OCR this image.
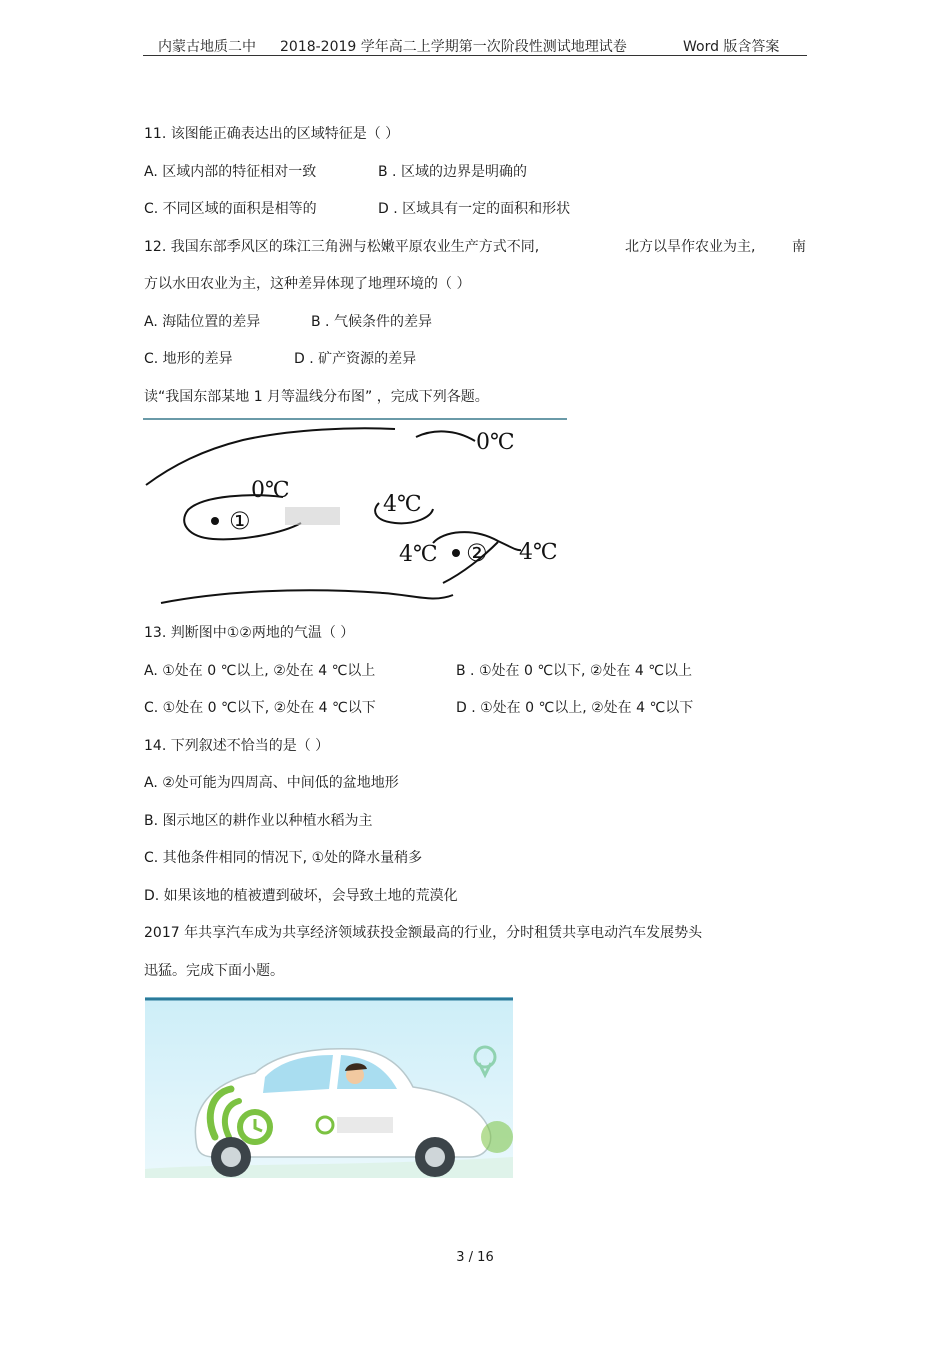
内蒙古地质二中 2018-2019 学年高二上学期第一次阶段性测试地理试卷	Word 版含答案
11. 该图能正确表达出的区域特征是（ ）
A. 区域内部的特征相对一致	B . 区域的边界是明确的
C. 不同区域的面积是相等的	D . 区域具有一定的面积和形状
12. 我国东部季风区的珠江三角洲与松嫩平原农业生产方式不同,	北方以旱作农业为主,	南
方以水田农业为主，这种差异体现了地理环境的（ ）
A. 海陆位置的差异	B . 气候条件的差异
C. 地形的差异	D . 矿产资源的差异
读“我国东部某地 1 月等温线分布图” ，完成下列各题。
0℃
0℃
4℃
4℃	4℃
①
②
13. 判断图中①②两地的气温（ ）
A. ①处在 0 ℃以上, ②处在 4 ℃以上	B . ①处在 0 ℃以下, ②处在 4 ℃以上
C. ①处在 0 ℃以下, ②处在 4 ℃以下	D . ①处在 0 ℃以上, ②处在 4 ℃以下
14. 下列叙述不恰当的是（ ）
A. ②处可能为四周高、中间低的盆地地形
B. 图示地区的耕作业以种植水稻为主
C. 其他条件相同的情况下, ①处的降水量稍多
D. 如果该地的植被遭到破坏，会导致土地的荒漠化
2017 年共享汽车成为共享经济领域获投金额最高的行业，分时租赁共享电动汽车发展势头
迅猛。完成下面小题。
3 / 16
